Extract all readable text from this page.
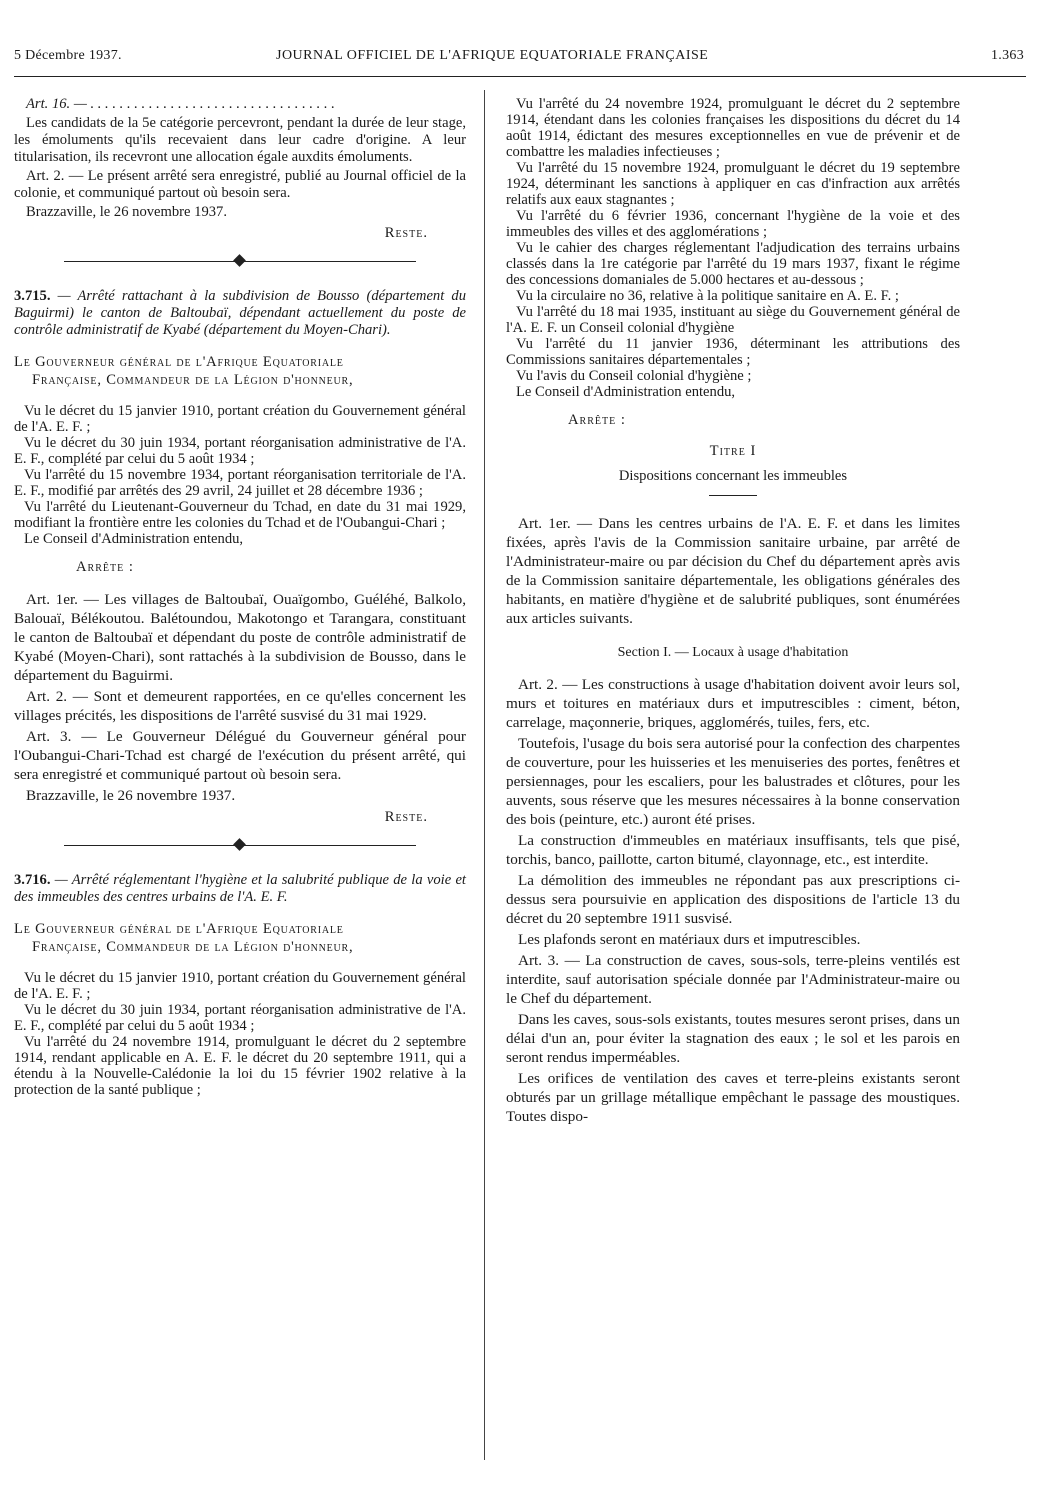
5 Décembre 1937.	JOURNAL OFFICIEL DE L'AFRIQUE EQUATORIALE FRANÇAISE	1.363

Art. 16. — . . . . . . . . . . . . . . . . . . . . . . . . . . . . . . . . . .

Les candidats de la 5e catégorie percevront, pendant la durée de leur stage, les émoluments qu'ils recevaient dans leur cadre d'origine. A leur titularisation, ils recevront une allocation égale auxdits émoluments.

Art. 2. — Le présent arrêté sera enregistré, publié au Journal officiel de la colonie, et communiqué partout où besoin sera.

Brazzaville, le 26 novembre 1937.

Reste.

3.715. — Arrêté rattachant à la subdivision de Bousso (département du Baguirmi) le canton de Baltoubaï, dépendant actuellement du poste de contrôle administratif de Kyabé (département du Moyen-Chari).

Le Gouverneur général de l'Afrique Equatoriale
Française, Commandeur de la Légion d'honneur,

Vu le décret du 15 janvier 1910, portant création du Gouvernement général de l'A. E. F. ;

Vu le décret du 30 juin 1934, portant réorganisation administrative de l'A. E. F., complété par celui du 5 août 1934 ;

Vu l'arrêté du 15 novembre 1934, portant réorganisation territoriale de l'A. E. F., modifié par arrêtés des 29 avril, 24 juillet et 28 décembre 1936 ;

Vu l'arrêté du Lieutenant-Gouverneur du Tchad, en date du 31 mai 1929, modifiant la frontière entre les colonies du Tchad et de l'Oubangui-Chari ;

Le Conseil d'Administration entendu,

Arrête :

Art. 1er. — Les villages de Baltoubaï, Ouaïgombo, Guéléhé, Balkolo, Balouaï, Bélékoutou. Balétoundou, Makotongo et Tarangara, constituant le canton de Baltoubaï et dépendant du poste de contrôle administratif de Kyabé (Moyen-Chari), sont rattachés à la subdivision de Bousso, dans le département du Baguirmi.

Art. 2. — Sont et demeurent rapportées, en ce qu'elles concernent les villages précités, les dispositions de l'arrêté susvisé du 31 mai 1929.

Art. 3. — Le Gouverneur Délégué du Gouverneur général pour l'Oubangui-Chari-Tchad est chargé de l'exécution du présent arrêté, qui sera enregistré et communiqué partout où besoin sera.

Brazzaville, le 26 novembre 1937.

Reste.

3.716. — Arrêté réglementant l'hygiène et la salubrité publique de la voie et des immeubles des centres urbains de l'A. E. F.

Le Gouverneur général de l'Afrique Equatoriale
Française, Commandeur de la Légion d'honneur,

Vu le décret du 15 janvier 1910, portant création du Gouvernement général de l'A. E. F. ;

Vu le décret du 30 juin 1934, portant réorganisation administrative de l'A. E. F., complété par celui du 5 août 1934 ;

Vu l'arrêté du 24 novembre 1914, promulguant le décret du 2 septembre 1914, rendant applicable en A. E. F. le décret du 20 septembre 1911, qui a étendu à la Nouvelle-Calédonie la loi du 15 février 1902 relative à la protection de la santé publique ;

Vu l'arrêté du 24 novembre 1924, promulguant le décret du 2 septembre 1914, étendant dans les colonies françaises les dispositions du décret du 14 août 1914, édictant des mesures exceptionnelles en vue de prévenir et de combattre les maladies infectieuses ;

Vu l'arrêté du 15 novembre 1924, promulguant le décret du 19 septembre 1924, déterminant les sanctions à appliquer en cas d'infraction aux arrêtés relatifs aux eaux stagnantes ;

Vu l'arrêté du 6 février 1936, concernant l'hygiène de la voie et des immeubles des villes et des agglomérations ;

Vu le cahier des charges réglementant l'adjudication des terrains urbains classés dans la 1re catégorie par l'arrêté du 19 mars 1937, fixant le régime des concessions domaniales de 5.000 hectares et au-dessous ;

Vu la circulaire no 36, relative à la politique sanitaire en A. E. F. ;

Vu l'arrêté du 18 mai 1935, instituant au siège du Gouvernement général de l'A. E. F. un Conseil colonial d'hygiène

Vu l'arrêté du 11 janvier 1936, déterminant les attributions des Commissions sanitaires départementales ;

Vu l'avis du Conseil colonial d'hygiène ;

Le Conseil d'Administration entendu,

Arrête :

Titre I

Dispositions concernant les immeubles

Art. 1er. — Dans les centres urbains de l'A. E. F. et dans les limites fixées, après l'avis de la Commission sanitaire urbaine, par arrêté de l'Administrateur-maire ou par décision du Chef du département après avis de la Commission sanitaire départementale, les obligations générales des habitants, en matière d'hygiène et de salubrité publiques, sont énumérées aux articles suivants.

Section I. — Locaux à usage d'habitation

Art. 2. — Les constructions à usage d'habitation doivent avoir leurs sol, murs et toitures en matériaux durs et imputrescibles : ciment, béton, carrelage, maçonnerie, briques, agglomérés, tuiles, fers, etc.

Toutefois, l'usage du bois sera autorisé pour la confection des charpentes de couverture, pour les huisseries et les menuiseries des portes, fenêtres et persiennages, pour les escaliers, pour les balustrades et clôtures, pour les auvents, sous réserve que les mesures nécessaires à la bonne conservation des bois (peinture, etc.) auront été prises.

La construction d'immeubles en matériaux insuffisants, tels que pisé, torchis, banco, paillotte, carton bitumé, clayonnage, etc., est interdite.

La démolition des immeubles ne répondant pas aux prescriptions ci-dessus sera poursuivie en application des dispositions de l'article 13 du décret du 20 septembre 1911 susvisé.

Les plafonds seront en matériaux durs et imputrescibles.

Art. 3. — La construction de caves, sous-sols, terre-pleins ventilés est interdite, sauf autorisation spéciale donnée par l'Administrateur-maire ou le Chef du département.

Dans les caves, sous-sols existants, toutes mesures seront prises, dans un délai d'un an, pour éviter la stagnation des eaux ; le sol et les parois en seront rendus imperméables.

Les orifices de ventilation des caves et terre-pleins existants seront obturés par un grillage métallique empêchant le passage des moustiques. Toutes dispo-
